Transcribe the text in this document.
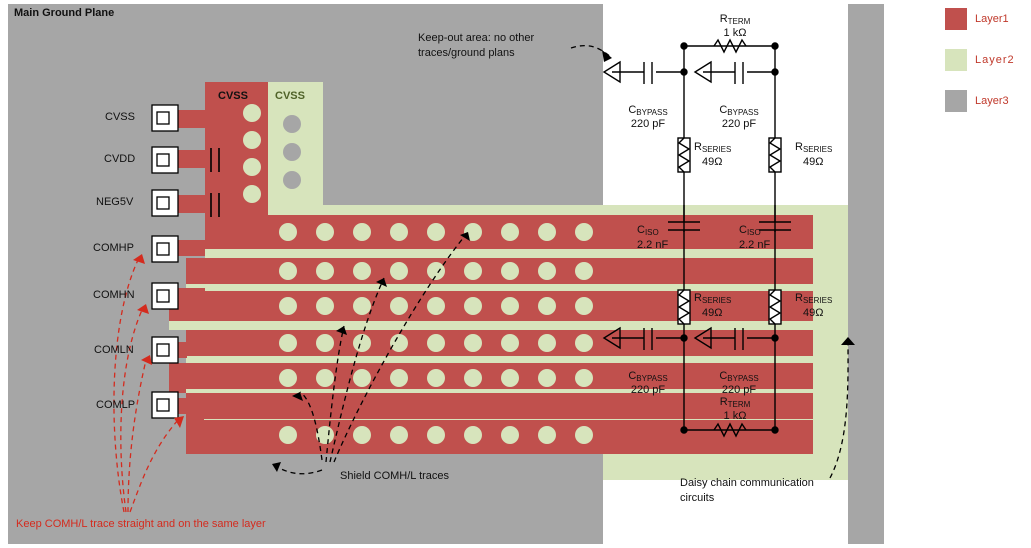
Main Ground Plane
CVSS CVSS
CVSS
CVDD
NEG5V
COMHP
COMHN
COMLN
COMLP
Keep-out area: no other
traces/ground plans
Shield COMH/L traces
Daisy chain communication
circuits
Keep COMH/L trace straight and on the same layer
$R_{TERM}$
1 kΩ
$C_{BYPASS}$
220 pF
$C_{BYPASS}$
220 pF
$R_{SERIES}$
49Ω
$R_{SERIES}$
49Ω
$C_{ISO}$
2.2 nF
$C_{ISO}$
2.2 nF
$R_{SERIES}$
49Ω
$R_{SERIES}$
49Ω
$C_{BYPASS}$
220 pF
$C_{BYPASS}$
220 pF
$R_{TERM}$
1 kΩ
Layer1
Layer2
Layer3
